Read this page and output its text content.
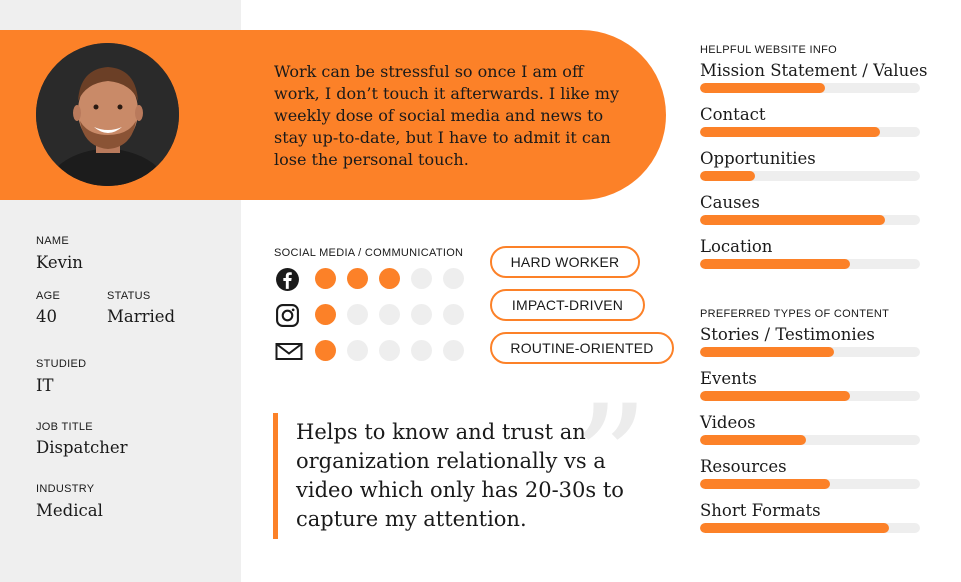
Work can be stressful so once I am off work, I don’t touch it afterwards. I like my weekly dose of social media and news to stay up-to-date, but I have to admit it can lose the personal touch.
NAME
Kevin
AGE
40
STATUS
Married
STUDIED
IT
JOB TITLE
Dispatcher
INDUSTRY
Medical
SOCIAL MEDIA / COMMUNICATION
HARD WORKER
IMPACT-DRIVEN
ROUTINE-ORIENTED
”
Helps to know and trust an organization relationally vs a video which only has 20-30s to capture my attention.
HELPFUL WEBSITE INFO
Mission Statement / Values
Contact
Opportunities
Causes
Location
PREFERRED TYPES OF CONTENT
Stories / Testimonies
Events
Videos
Resources
Short Formats
